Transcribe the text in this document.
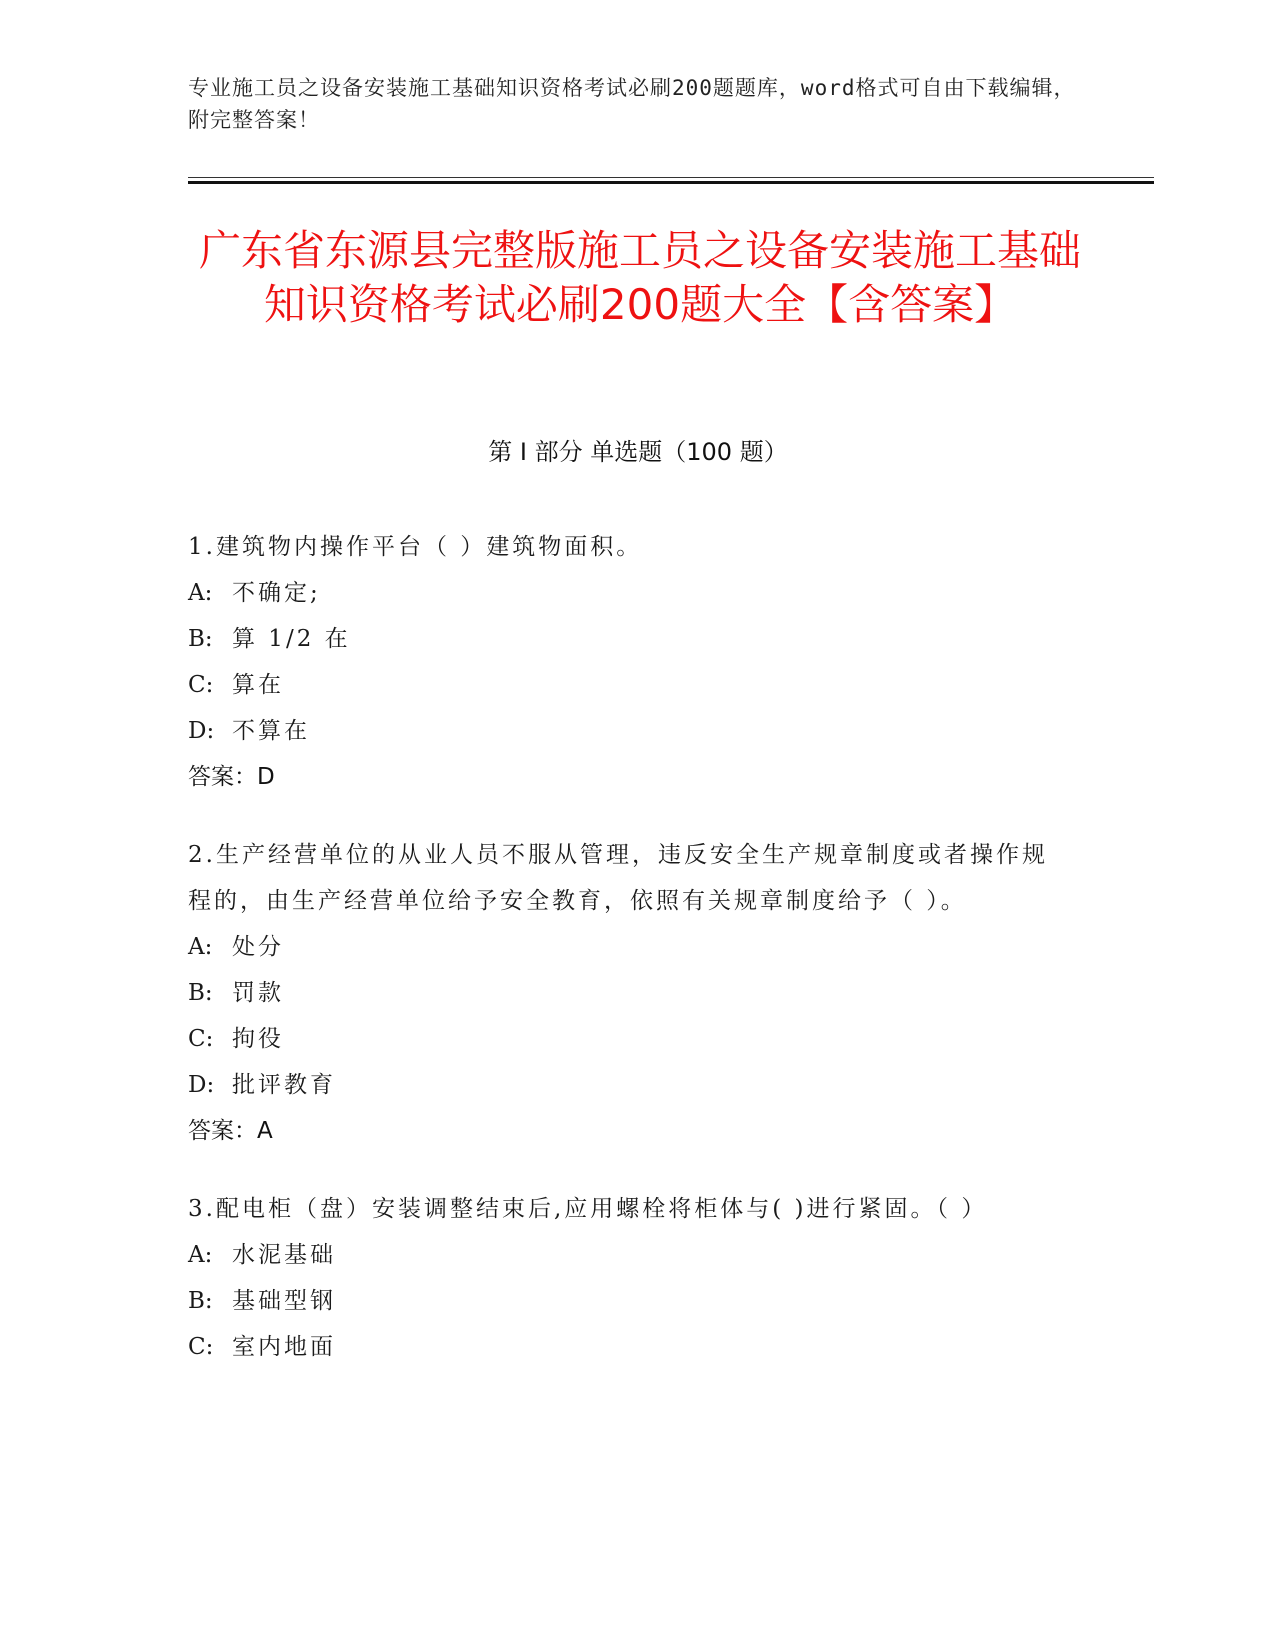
专业施工员之设备安装施工基础知识资格考试必刷200题题库，word格式可自由下载编辑，附完整答案！
广东省东源县完整版施工员之设备安装施工基础知识资格考试必刷200题大全【含答案】
第 I 部分 单选题（100 题）

1.建筑物内操作平台（ ）建筑物面积。

A: 不确定;

B: 算 1/2 在

C: 算在

D: 不算在

答案：D

2.生产经营单位的从业人员不服从管理，违反安全生产规章制度或者操作规程的，由生产经营单位给予安全教育，依照有关规章制度给予（ ）。

A: 处分

B: 罚款

C: 拘役

D: 批评教育

答案：A

3.配电柜（盘）安装调整结束后,应用螺栓将柜体与( )进行紧固。（ ）

A: 水泥基础

B: 基础型钢

C: 室内地面
